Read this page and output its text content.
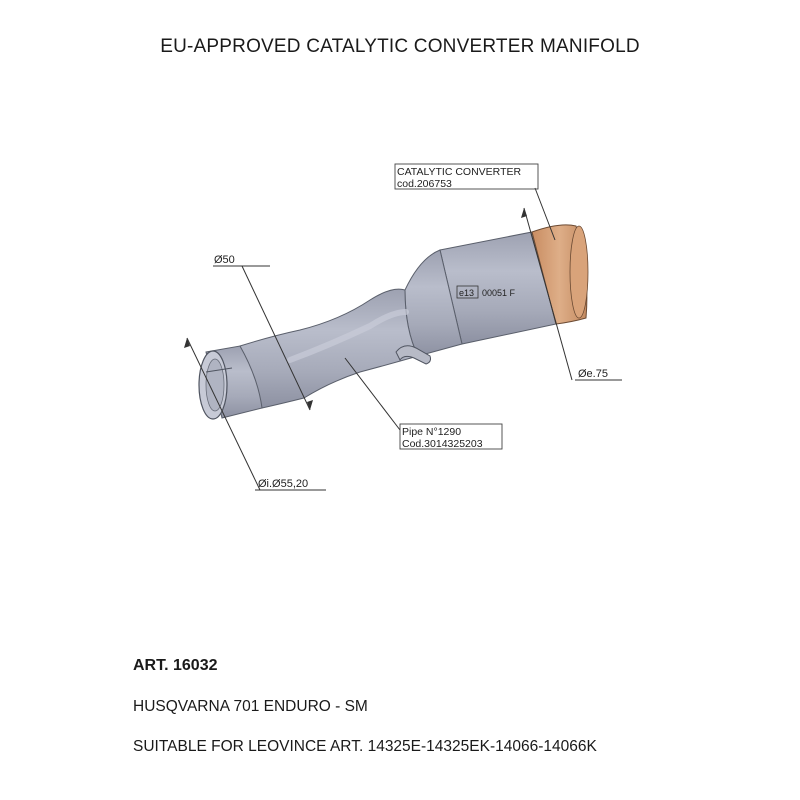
EU-APPROVED CATALYTIC CONVERTER MANIFOLD
e13 00051 F
CATALYTIC CONVERTER
cod.206753
Pipe N°1290
Cod.3014325203
Ø50
Øi.Ø55,20
Øe.75
ART. 16032
HUSQVARNA 701 ENDURO - SM
SUITABLE FOR LEOVINCE ART. 14325E-14325EK-14066-14066K
